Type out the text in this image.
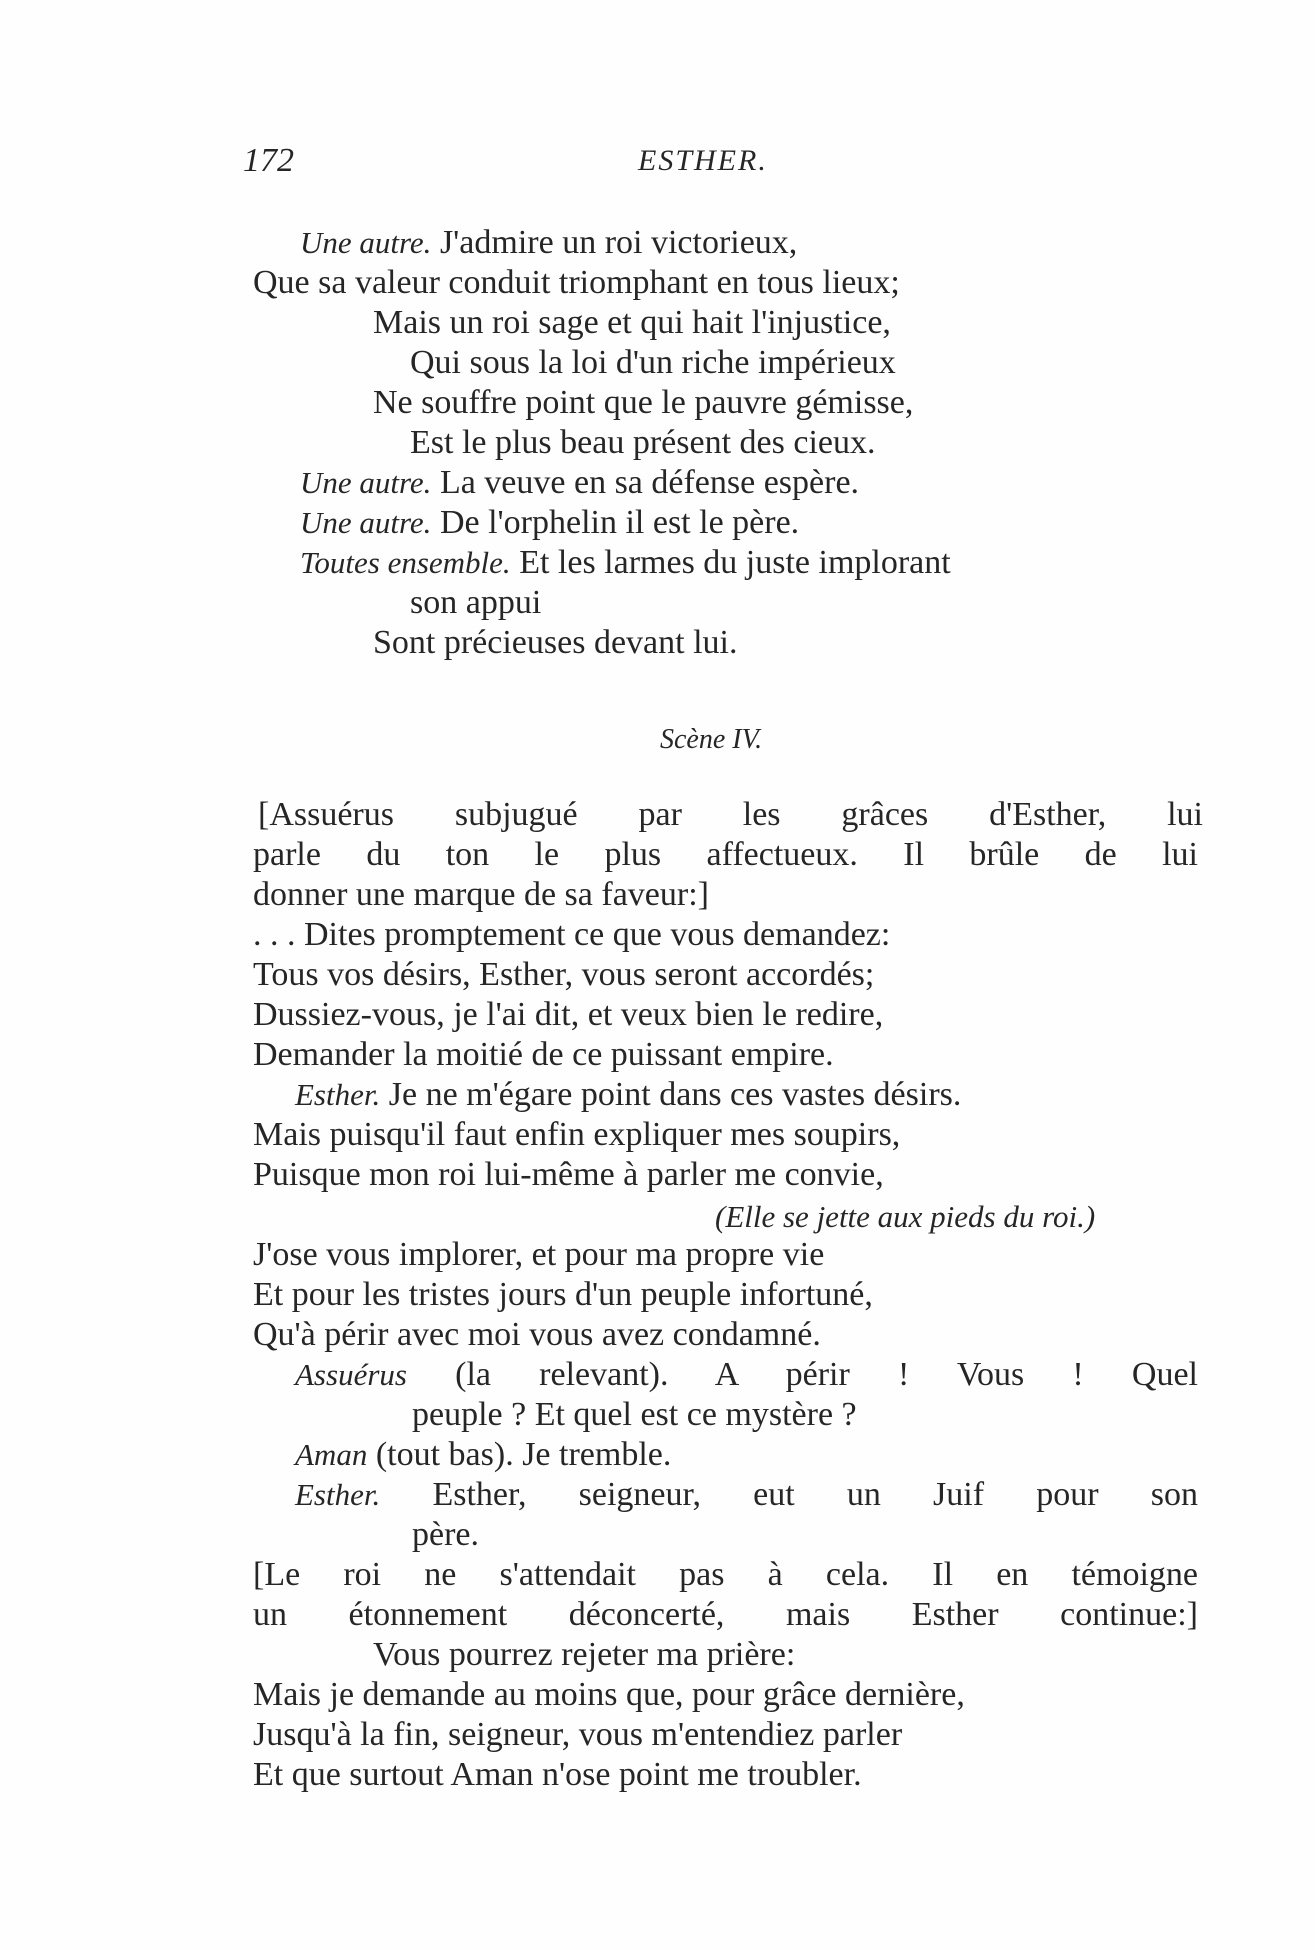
172	ESTHER.
Une autre. J'admire un roi victorieux,
Que sa valeur conduit triomphant en tous lieux;
Mais un roi sage et qui hait l'injustice,
Qui sous la loi d'un riche impérieux
Ne souffre point que le pauvre gémisse,
Est le plus beau présent des cieux.
Une autre. La veuve en sa défense espère.
Une autre. De l'orphelin il est le père.
Toutes ensemble. Et les larmes du juste implorant
son appui
Sont précieuses devant lui.
Scène IV.
[Assuérus subjugué par les grâces d'Esther, lui
parle du ton le plus affectueux. Il brûle de lui
donner une marque de sa faveur:]
. . . Dites promptement ce que vous demandez:
Tous vos désirs, Esther, vous seront accordés;
Dussiez-vous, je l'ai dit, et veux bien le redire,
Demander la moitié de ce puissant empire.
Esther. Je ne m'égare point dans ces vastes désirs.
Mais puisqu'il faut enfin expliquer mes soupirs,
Puisque mon roi lui-même à parler me convie,
(Elle se jette aux pieds du roi.)
J'ose vous implorer, et pour ma propre vie
Et pour les tristes jours d'un peuple infortuné,
Qu'à périr avec moi vous avez condamné.
Assuérus (la relevant). A périr ! Vous ! Quel
peuple ? Et quel est ce mystère ?
Aman (tout bas). Je tremble.
Esther. Esther, seigneur, eut un Juif pour son
père.
[Le roi ne s'attendait pas à cela. Il en témoigne
un étonnement déconcerté, mais Esther continue:]
Vous pourrez rejeter ma prière:
Mais je demande au moins que, pour grâce dernière,
Jusqu'à la fin, seigneur, vous m'entendiez parler
Et que surtout Aman n'ose point me troubler.
